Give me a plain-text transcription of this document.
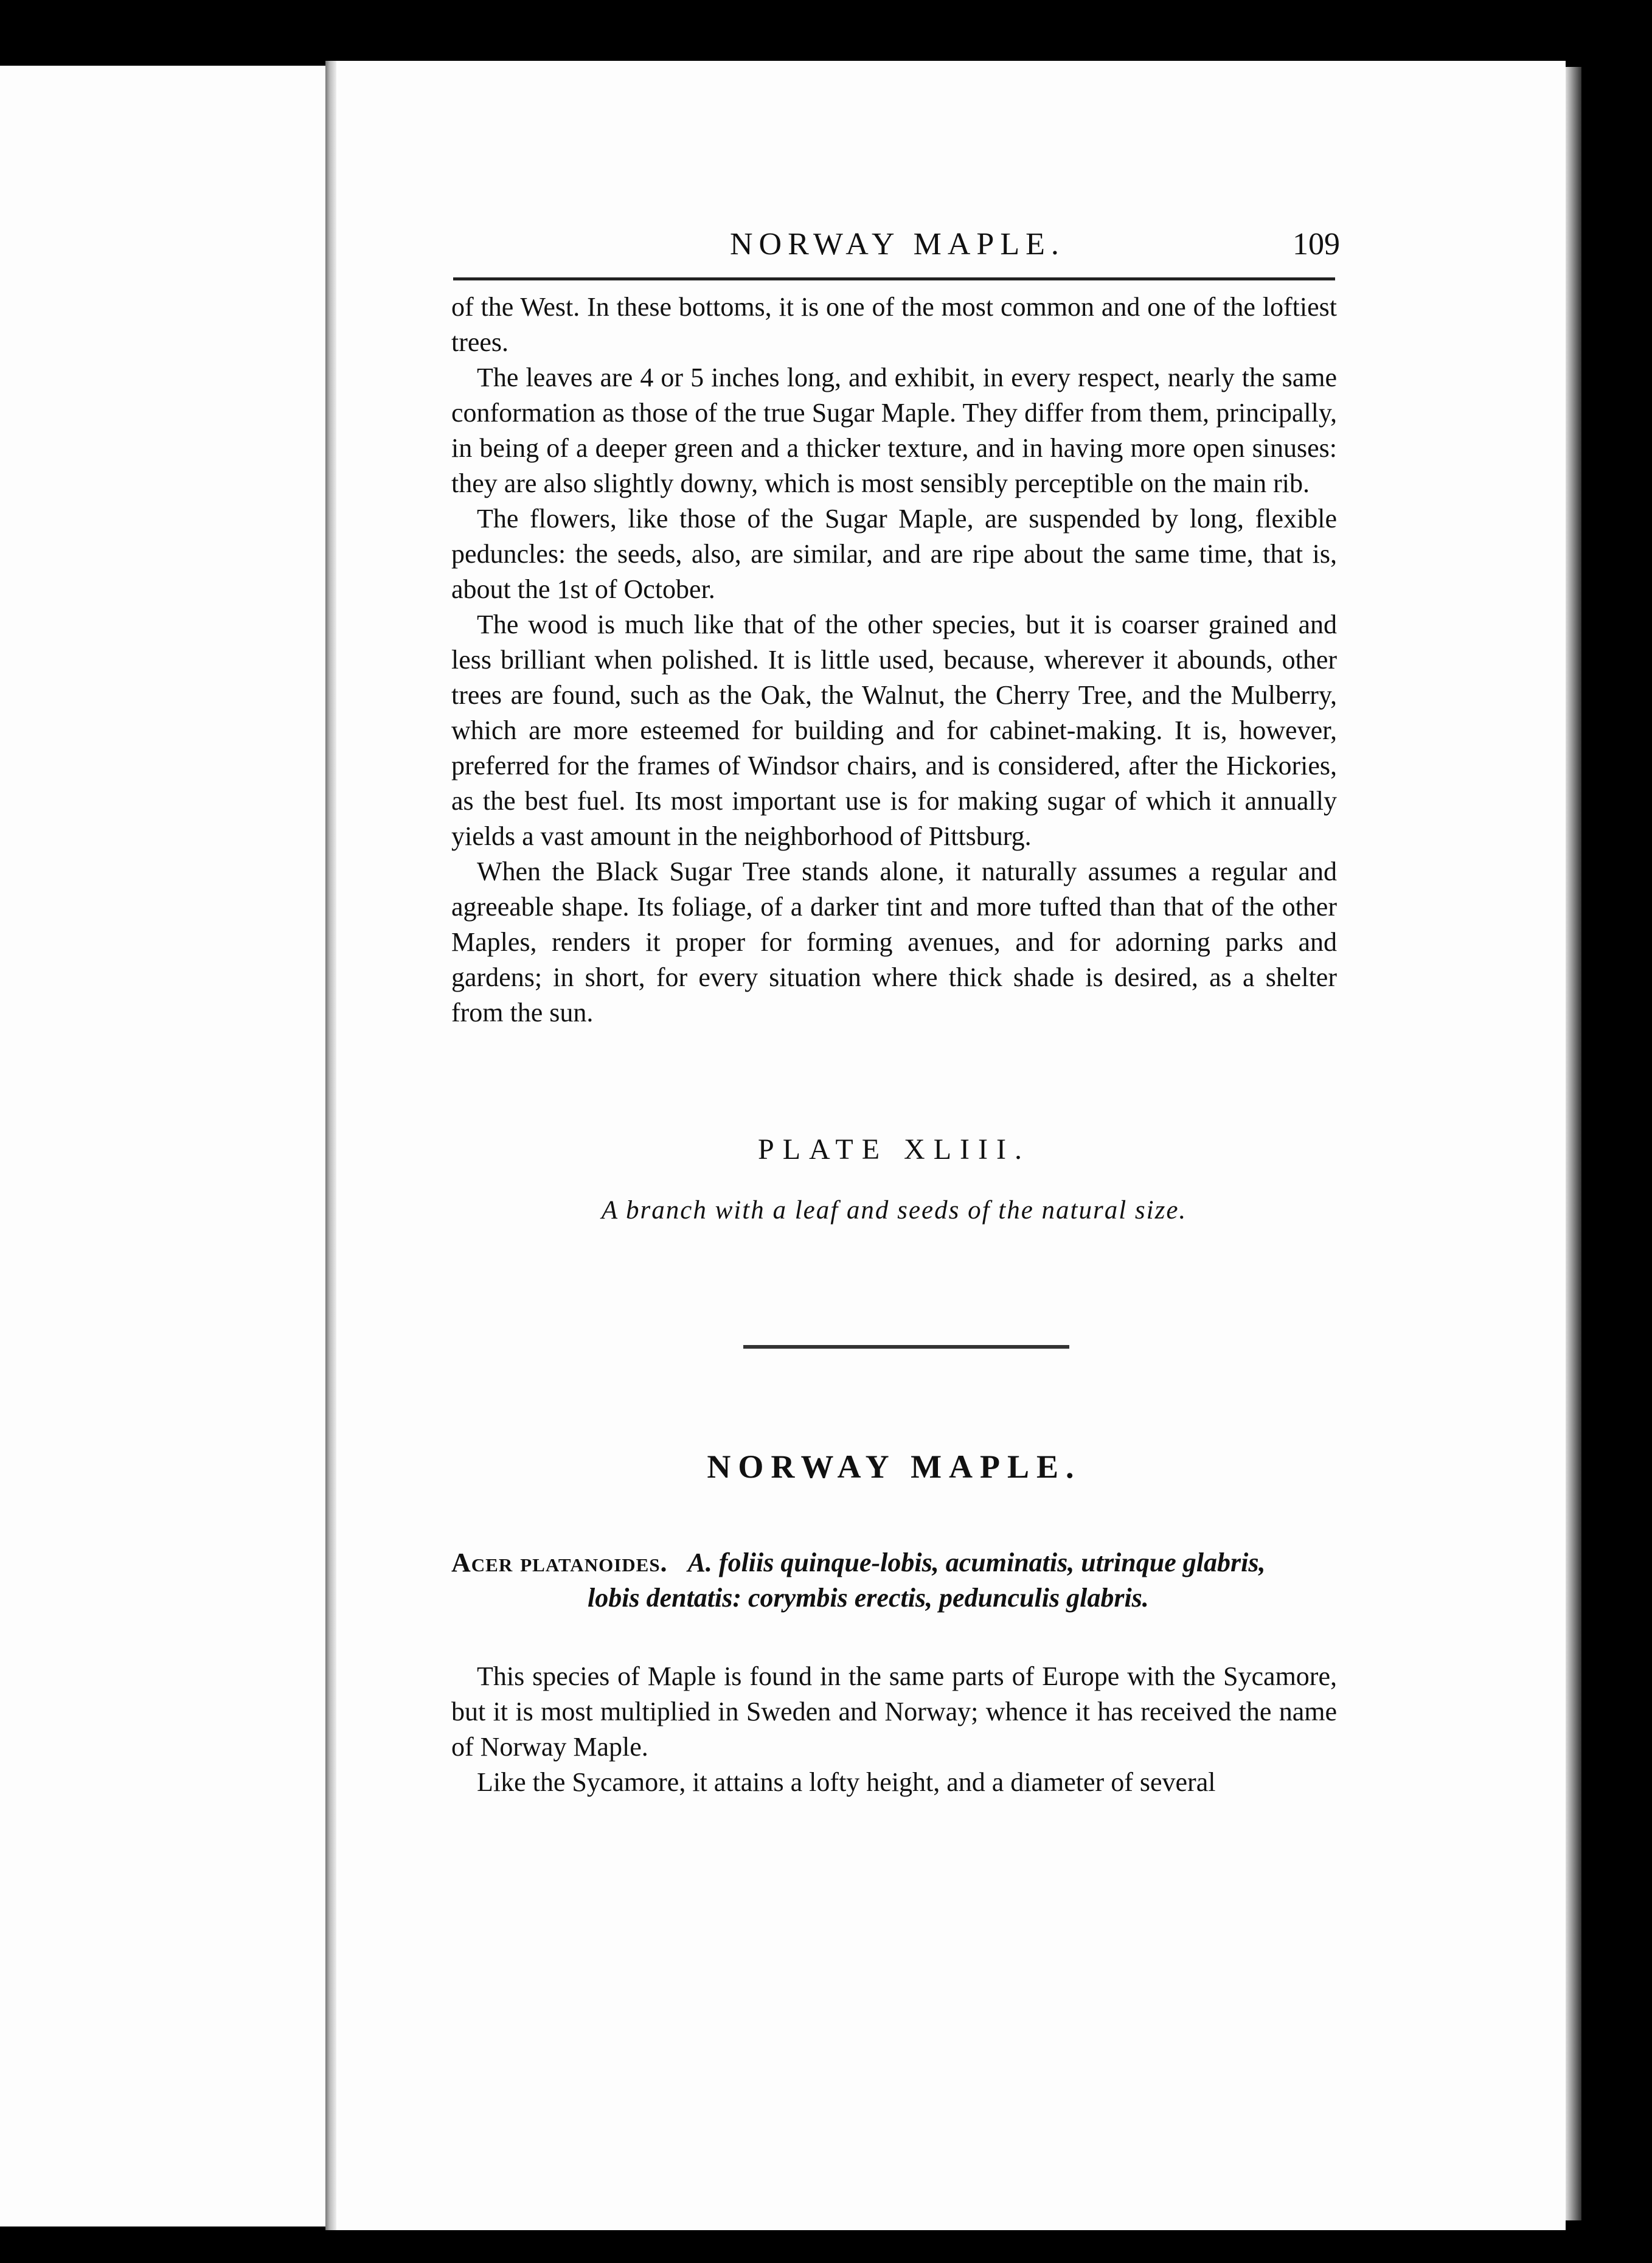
NORWAY MAPLE.	109

of the West. In these bottoms, it is one of the most common and one of the loftiest trees.

The leaves are 4 or 5 inches long, and exhibit, in every respect, nearly the same conformation as those of the true Sugar Maple. They differ from them, principally, in being of a deeper green and a thicker texture, and in having more open sinuses: they are also slightly downy, which is most sensibly perceptible on the main rib.

The flowers, like those of the Sugar Maple, are suspended by long, flexible peduncles: the seeds, also, are similar, and are ripe about the same time, that is, about the 1st of October.

The wood is much like that of the other species, but it is coarser grained and less brilliant when polished. It is little used, because, wherever it abounds, other trees are found, such as the Oak, the Walnut, the Cherry Tree, and the Mulberry, which are more esteemed for building and for cabinet-making. It is, however, preferred for the frames of Windsor chairs, and is considered, after the Hickories, as the best fuel. Its most important use is for making sugar of which it annually yields a vast amount in the neighborhood of Pittsburg.

When the Black Sugar Tree stands alone, it naturally assumes a regular and agreeable shape. Its foliage, of a darker tint and more tufted than that of the other Maples, renders it proper for forming avenues, and for adorning parks and gardens; in short, for every situation where thick shade is desired, as a shelter from the sun.

PLATE XLIII.
A branch with a leaf and seeds of the natural size.
NORWAY MAPLE.
Acer platanoides. A. foliis quinque-lobis, acuminatis, utrinque glabris,
lobis dentatis: corymbis erectis, pedunculis glabris.

This species of Maple is found in the same parts of Europe with the Sycamore, but it is most multiplied in Sweden and Norway; whence it has received the name of Norway Maple.

Like the Sycamore, it attains a lofty height, and a diameter of several
